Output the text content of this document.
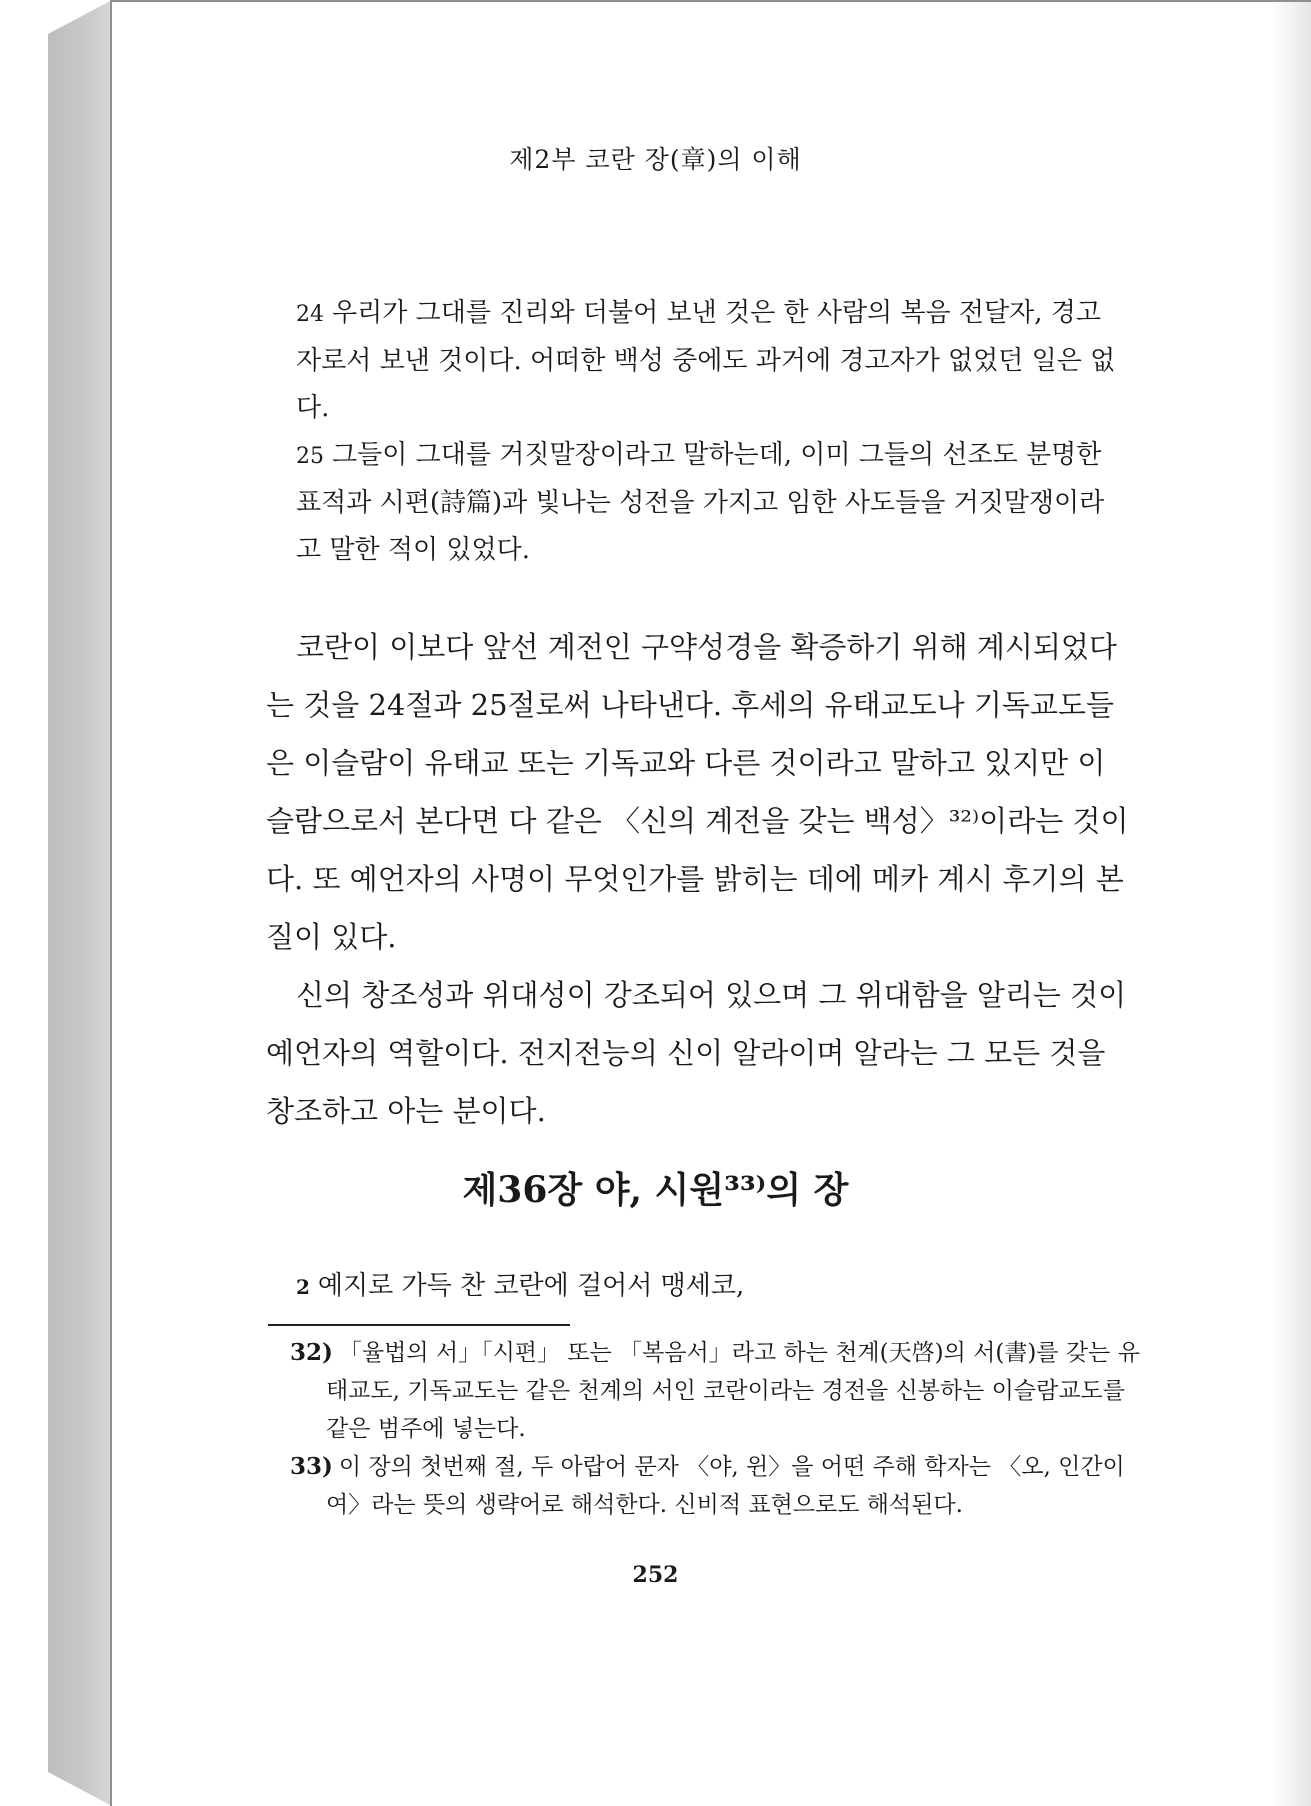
제2부 코란 장(章)의 이해

24 우리가 그대를 진리와 더불어 보낸 것은 한 사람의 복음 전달자, 경고자로서 보낸 것이다. 어떠한 백성 중에도 과거에 경고자가 없었던 일은 없다.

25 그들이 그대를 거짓말장이라고 말하는데, 이미 그들의 선조도 분명한 표적과 시편(詩篇)과 빛나는 성전을 가지고 임한 사도들을 거짓말쟁이라고 말한 적이 있었다.

코란이 이보다 앞선 계전인 구약성경을 확증하기 위해 계시되었다는 것을 24절과 25절로써 나타낸다. 후세의 유태교도나 기독교도들은 이슬람이 유태교 또는 기독교와 다른 것이라고 말하고 있지만 이슬람으로서 본다면 다 같은 〈신의 계전을 갖는 백성〉³²⁾이라는 것이다. 또 예언자의 사명이 무엇인가를 밝히는 데에 메카 계시 후기의 본질이 있다.

신의 창조성과 위대성이 강조되어 있으며 그 위대함을 알리는 것이 예언자의 역할이다. 전지전능의 신이 알라이며 알라는 그 모든 것을 창조하고 아는 분이다.

제36장 야, 시원³³⁾의 장
2 예지로 가득 찬 코란에 걸어서 맹세코,

32) 「율법의 서」「시편」 또는 「복음서」라고 하는 천계(天啓)의 서(書)를 갖는 유태교도, 기독교도는 같은 천계의 서인 코란이라는 경전을 신봉하는 이슬람교도를 같은 범주에 넣는다.

33) 이 장의 첫번째 절, 두 아랍어 문자 〈야, 윈〉을 어떤 주해 학자는 〈오, 인간이여〉라는 뜻의 생략어로 해석한다. 신비적 표현으로도 해석된다.

252
